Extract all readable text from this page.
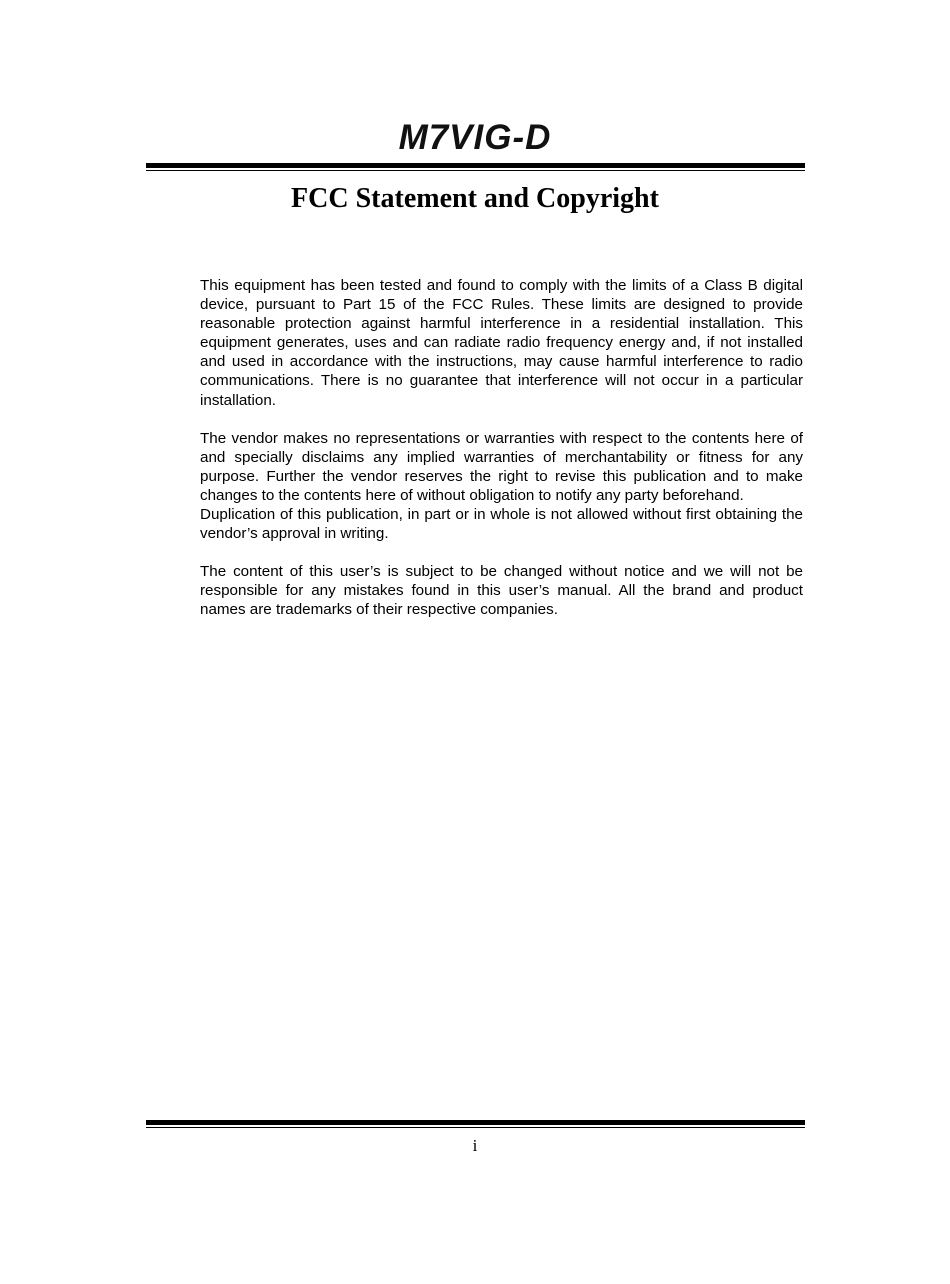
M7VIG-D
FCC Statement and Copyright

This equipment has been tested and found to comply with the limits of a Class B digital device, pursuant to Part 15 of the FCC Rules. These limits are designed to provide reasonable protection against harmful interference in a residential installation. This equipment generates, uses and can radiate radio frequency energy and, if not installed and used in accordance with the instructions, may cause harmful interference to radio communications. There is no guarantee that interference will not occur in a particular installation.

The vendor makes no representations or warranties with respect to the contents here of and specially disclaims any implied warranties of merchantability or fitness for any purpose. Further the vendor reserves the right to revise this publication and to make changes to the contents here of without obligation to notify any party beforehand.

Duplication of this publication, in part or in whole is not allowed without first obtaining the vendor’s approval in writing.

The content of this user’s is subject to be changed without notice and we will not be responsible for any mistakes found in this user’s manual. All the brand and product names are trademarks of their respective companies.

i
